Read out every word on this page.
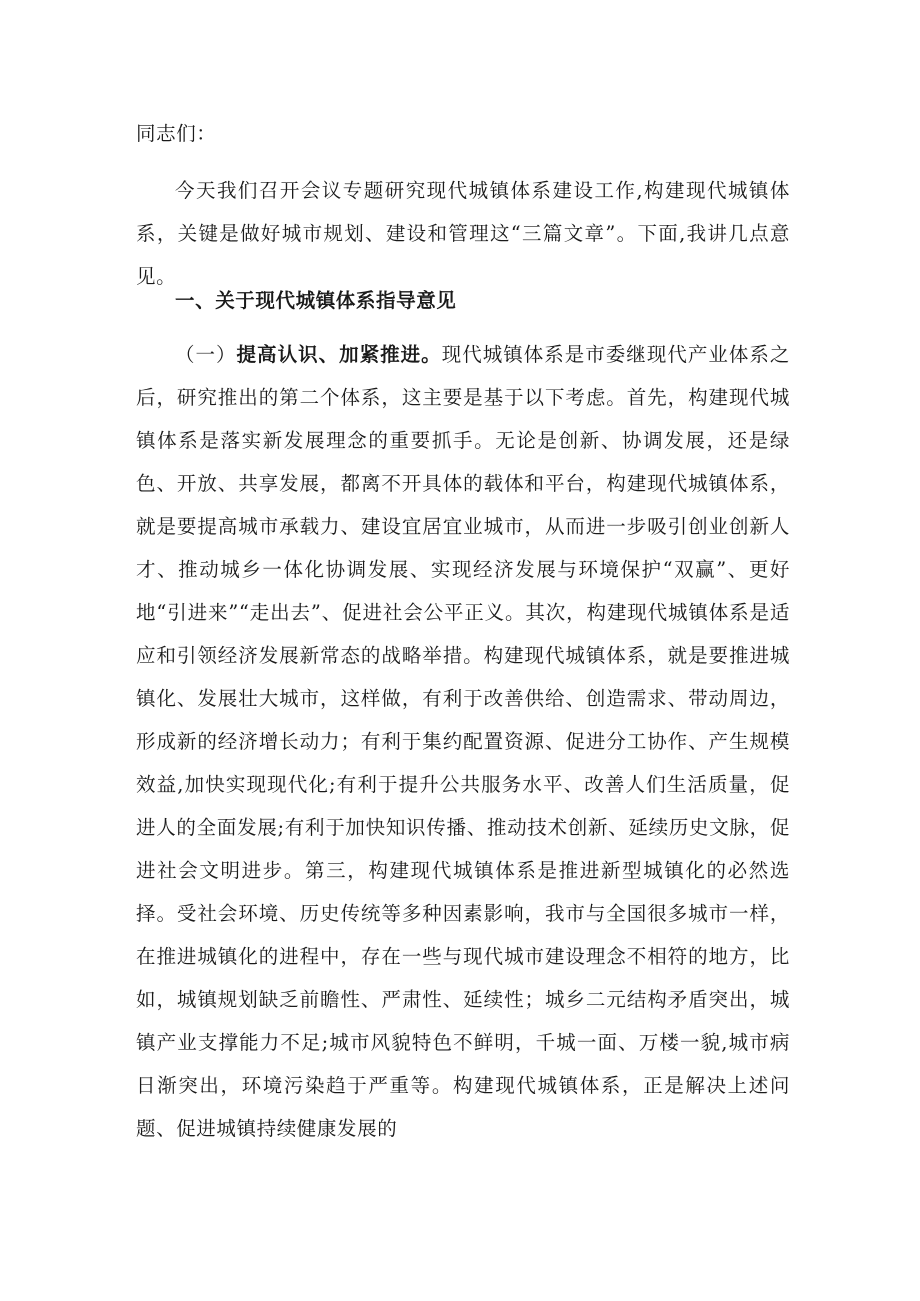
同志们：
今天我们召开会议专题研究现代城镇体系建设工作,构建现代城镇体系，关键是做好城市规划、建设和管理这“三篇文章”。下面,我讲几点意见。
一、关于现代城镇体系指导意见
（一）提高认识、加紧推进。现代城镇体系是市委继现代产业体系之后，研究推出的第二个体系，这主要是基于以下考虑。首先，构建现代城镇体系是落实新发展理念的重要抓手。无论是创新、协调发展，还是绿色、开放、共享发展，都离不开具体的载体和平台，构建现代城镇体系，就是要提高城市承载力、建设宜居宜业城市，从而进一步吸引创业创新人才、推动城乡一体化协调发展、实现经济发展与环境保护“双赢”、更好地“引进来”“走出去”、促进社会公平正义。其次，构建现代城镇体系是适应和引领经济发展新常态的战略举措。构建现代城镇体系，就是要推进城镇化、发展壮大城市，这样做，有利于改善供给、创造需求、带动周边，形成新的经济增长动力；有利于集约配置资源、促进分工协作、产生规模效益,加快实现现代化;有利于提升公共服务水平、改善人们生活质量，促进人的全面发展;有利于加快知识传播、推动技术创新、延续历史文脉，促进社会文明进步。第三，构建现代城镇体系是推进新型城镇化的必然选择。受社会环境、历史传统等多种因素影响，我市与全国很多城市一样，在推进城镇化的进程中，存在一些与现代城市建设理念不相符的地方，比如，城镇规划缺乏前瞻性、严肃性、延续性；城乡二元结构矛盾突出，城镇产业支撑能力不足;城市风貌特色不鲜明，千城一面、万楼一貌,城市病日渐突出，环境污染趋于严重等。构建现代城镇体系，正是解决上述问题、促进城镇持续健康发展的
